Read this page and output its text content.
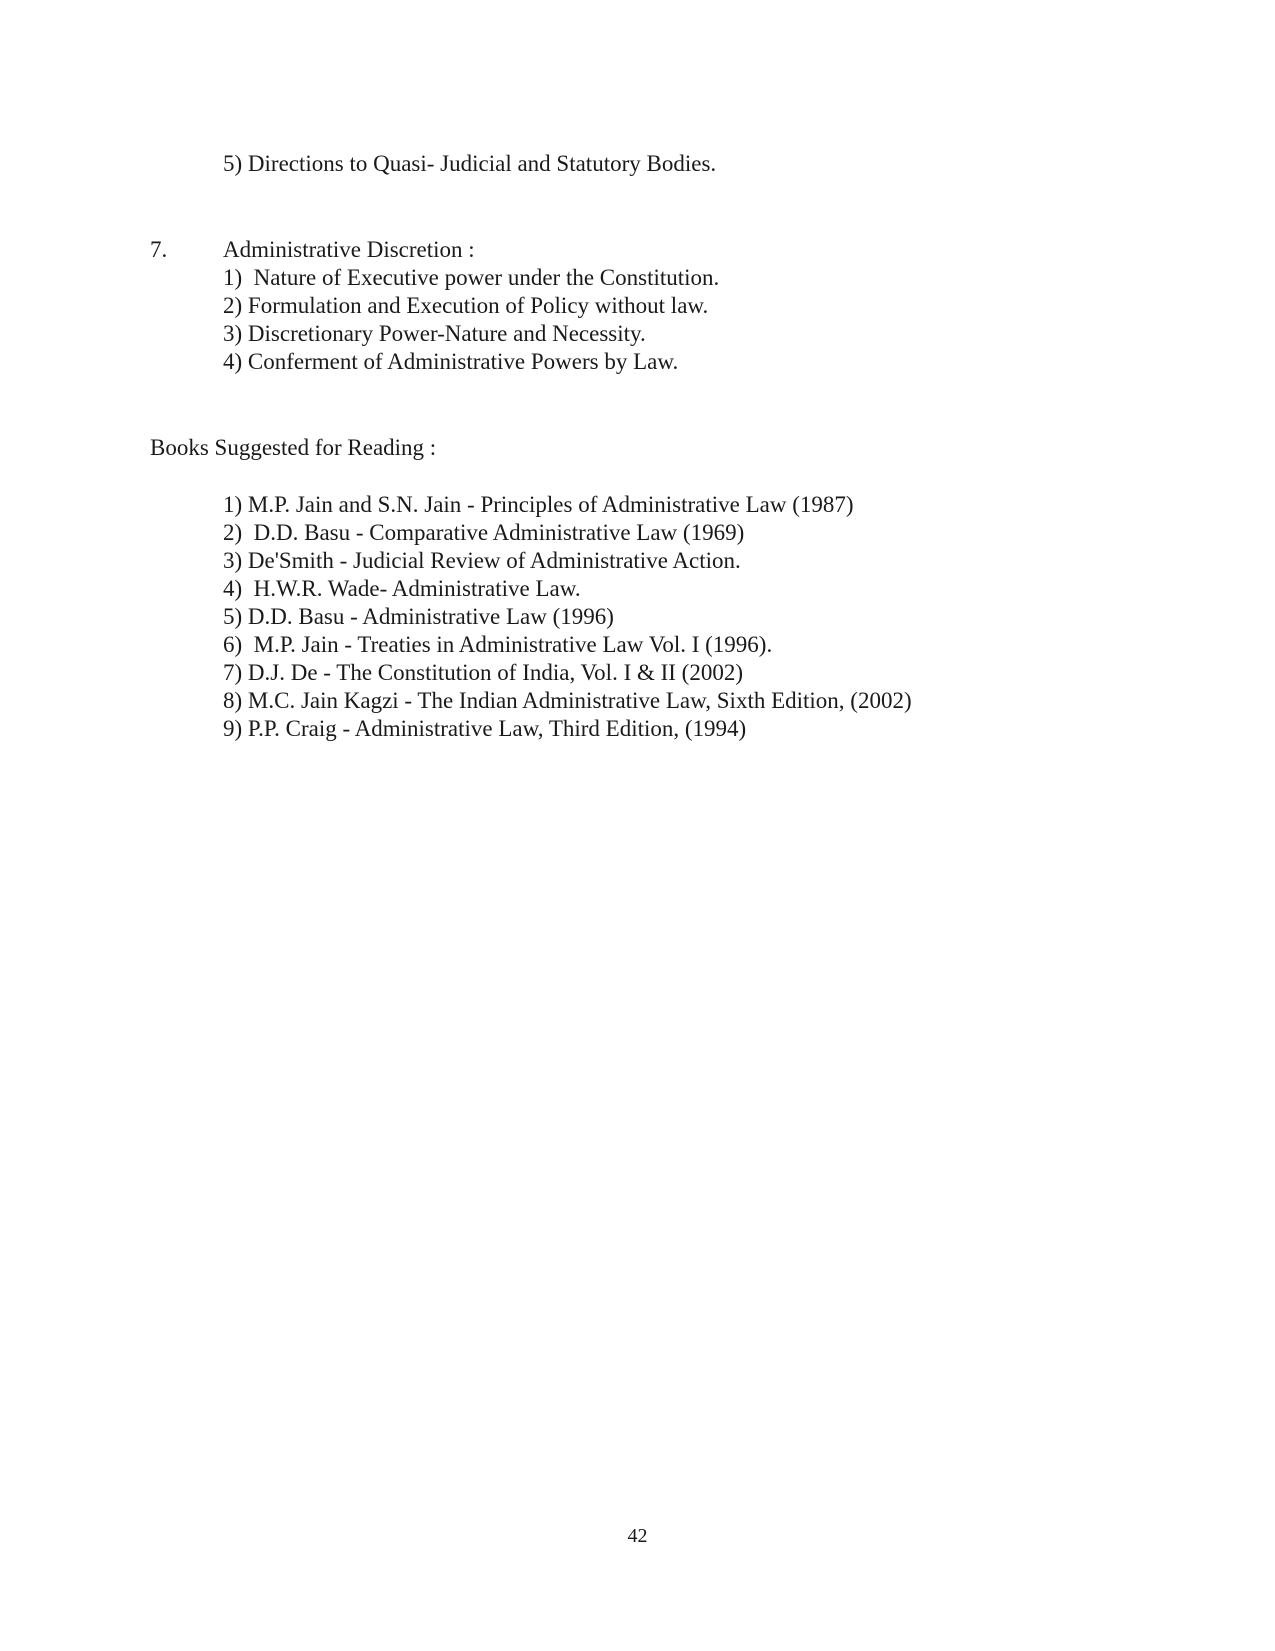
5) Directions to Quasi- Judicial and Statutory Bodies.
7. Administrative Discretion :
1)  Nature of Executive power under the Constitution.
2) Formulation and Execution of Policy without law.
3) Discretionary Power-Nature and Necessity.
4) Conferment of Administrative Powers by Law.
Books Suggested for Reading :
1) M.P. Jain and S.N. Jain - Principles of Administrative Law (1987)
2)  D.D. Basu - Comparative Administrative Law (1969)
3) De'Smith - Judicial Review of Administrative Action.
4)  H.W.R. Wade- Administrative Law.
5) D.D. Basu - Administrative Law (1996)
6)  M.P. Jain - Treaties in Administrative Law Vol. I (1996).
7) D.J. De - The Constitution of India, Vol. I & II (2002)
8) M.C. Jain Kagzi - The Indian Administrative Law, Sixth Edition, (2002)
9) P.P. Craig - Administrative Law, Third Edition, (1994)
42
